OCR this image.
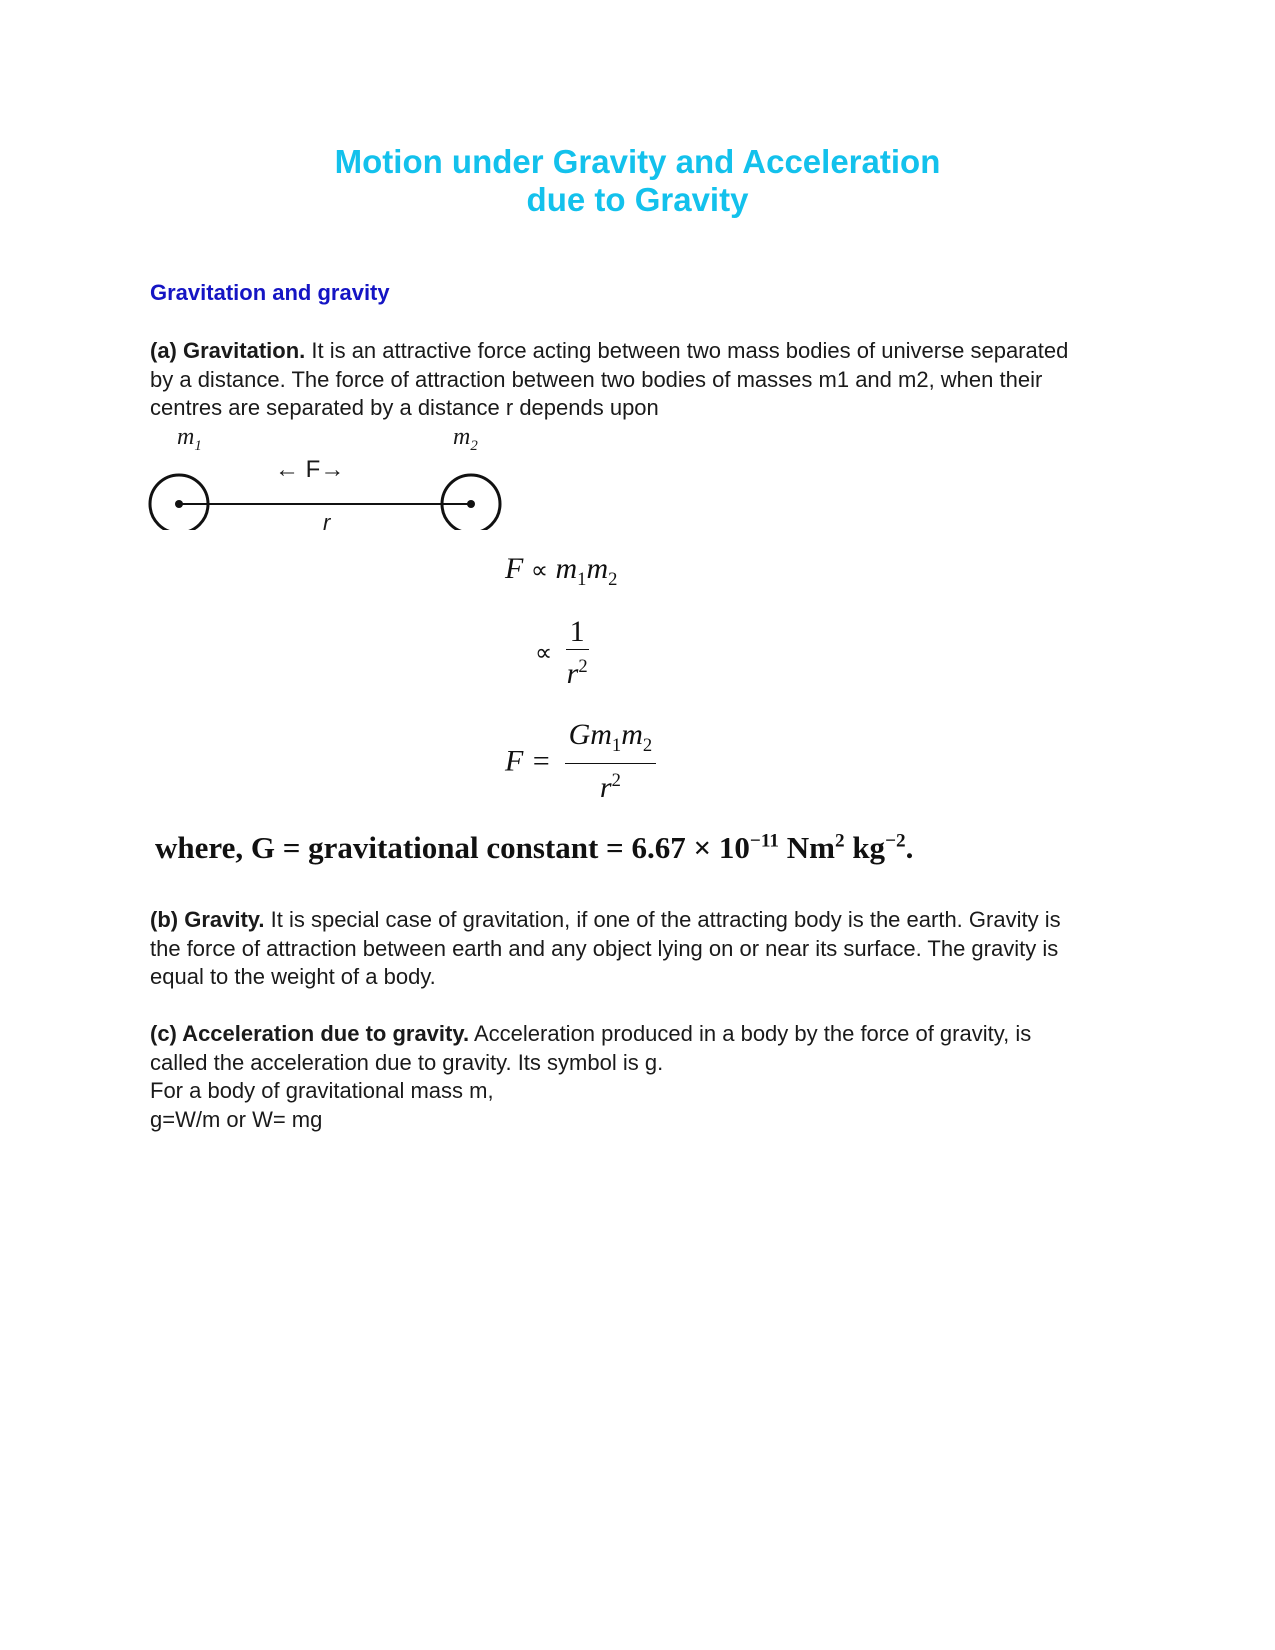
Motion under Gravity and Acceleration
due to Gravity
Gravitation and gravity
(a) Gravitation. It is an attractive force acting between two mass bodies of universe separated
by a distance. The force of attraction between two bodies of masses m1 and m2, when their
centres are separated by a distance r depends upon
$m_1$	$m_2$
← F→
r
$F \propto m_1m_2$
∝ $\frac{1}{r^2}$
$F = \frac{Gm_1m_2}{r^2}$
where, G = gravitational constant = $6.67 \times 10^{-11}$ Nm$^2$ $kg^{-2}$.
(b) Gravity. It is special case of gravitation, if one of the attracting body is the earth. Gravity is
the force of attraction between earth and any object lying on or near its surface. The gravity is
equal to the weight of a body.
(c) Acceleration due to gravity. Acceleration produced in a body by the force of gravity, is
called the acceleration due to gravity. Its symbol is g.
For a body of gravitational mass m,
g=W/m or W= mg
